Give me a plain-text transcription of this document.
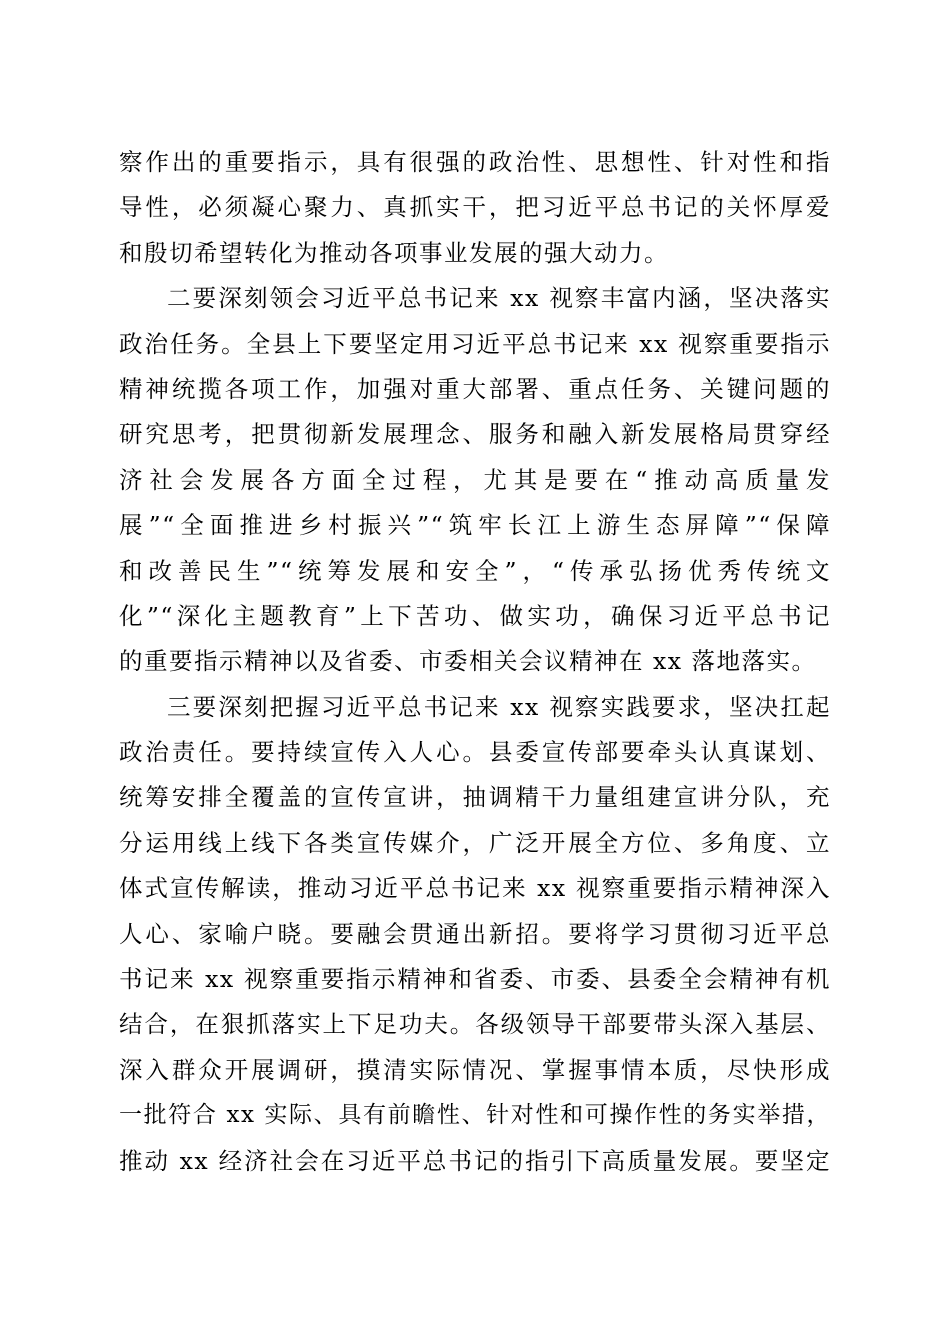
察作出的重要指示，具有很强的政治性、思想性、针对性和指
导性，必须凝心聚力、真抓实干，把习近平总书记的关怀厚爱
和殷切希望转化为推动各项事业发展的强大动力。
二要深刻领会习近平总书记来 xx 视察丰富内涵，坚决落实
政治任务。全县上下要坚定用习近平总书记来 xx 视察重要指示
精神统揽各项工作，加强对重大部署、重点任务、关键问题的
研究思考，把贯彻新发展理念、服务和融入新发展格局贯穿经
济社会发展各方面全过程，尤其是要在“推动高质量发
展”“全面推进乡村振兴”“筑牢长江上游生态屏障”“保障
和改善民生”“统筹发展和安全”，“传承弘扬优秀传统文
化”“深化主题教育”上下苦功、做实功，确保习近平总书记
的重要指示精神以及省委、市委相关会议精神在 xx 落地落实。
三要深刻把握习近平总书记来 xx 视察实践要求，坚决扛起
政治责任。要持续宣传入人心。县委宣传部要牵头认真谋划、
统筹安排全覆盖的宣传宣讲，抽调精干力量组建宣讲分队，充
分运用线上线下各类宣传媒介，广泛开展全方位、多角度、立
体式宣传解读，推动习近平总书记来 xx 视察重要指示精神深入
人心、家喻户晓。要融会贯通出新招。要将学习贯彻习近平总
书记来 xx 视察重要指示精神和省委、市委、县委全会精神有机
结合，在狠抓落实上下足功夫。各级领导干部要带头深入基层、
深入群众开展调研，摸清实际情况、掌握事情本质，尽快形成
一批符合 xx 实际、具有前瞻性、针对性和可操作性的务实举措，
推动 xx 经济社会在习近平总书记的指引下高质量发展。要坚定
